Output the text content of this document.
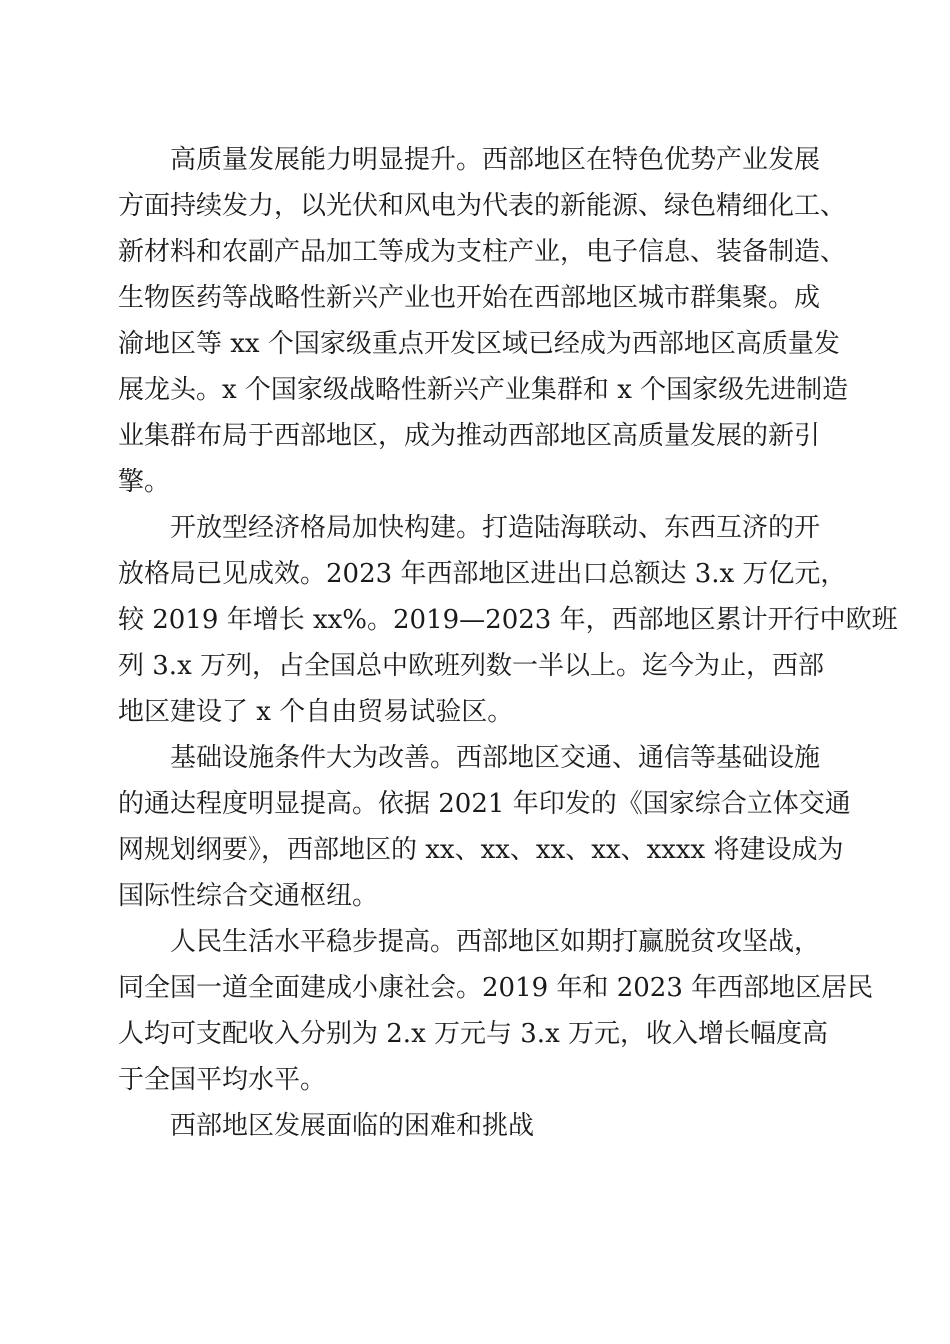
　　高质量发展能力明显提升。西部地区在特色优势产业发展

方面持续发力，以光伏和风电为代表的新能源、绿色精细化工、

新材料和农副产品加工等成为支柱产业，电子信息、装备制造、

生物医药等战略性新兴产业也开始在西部地区城市群集聚。成

渝地区等 xx 个国家级重点开发区域已经成为西部地区高质量发

展龙头。x 个国家级战略性新兴产业集群和 x 个国家级先进制造

业集群布局于西部地区，成为推动西部地区高质量发展的新引

擎。

　　开放型经济格局加快构建。打造陆海联动、东西互济的开

放格局已见成效。2023 年西部地区进出口总额达 3.x 万亿元，

较 2019 年增长 xx%。2019—2023 年，西部地区累计开行中欧班

列 3.x 万列，占全国总中欧班列数一半以上。迄今为止，西部

地区建设了 x 个自由贸易试验区。

　　基础设施条件大为改善。西部地区交通、通信等基础设施

的通达程度明显提高。依据 2021 年印发的《国家综合立体交通

网规划纲要》，西部地区的 xx、xx、xx、xx、xxxx 将建设成为

国际性综合交通枢纽。

　　人民生活水平稳步提高。西部地区如期打赢脱贫攻坚战，

同全国一道全面建成小康社会。2019 年和 2023 年西部地区居民

人均可支配收入分别为 2.x 万元与 3.x 万元，收入增长幅度高

于全国平均水平。

　　西部地区发展面临的困难和挑战
